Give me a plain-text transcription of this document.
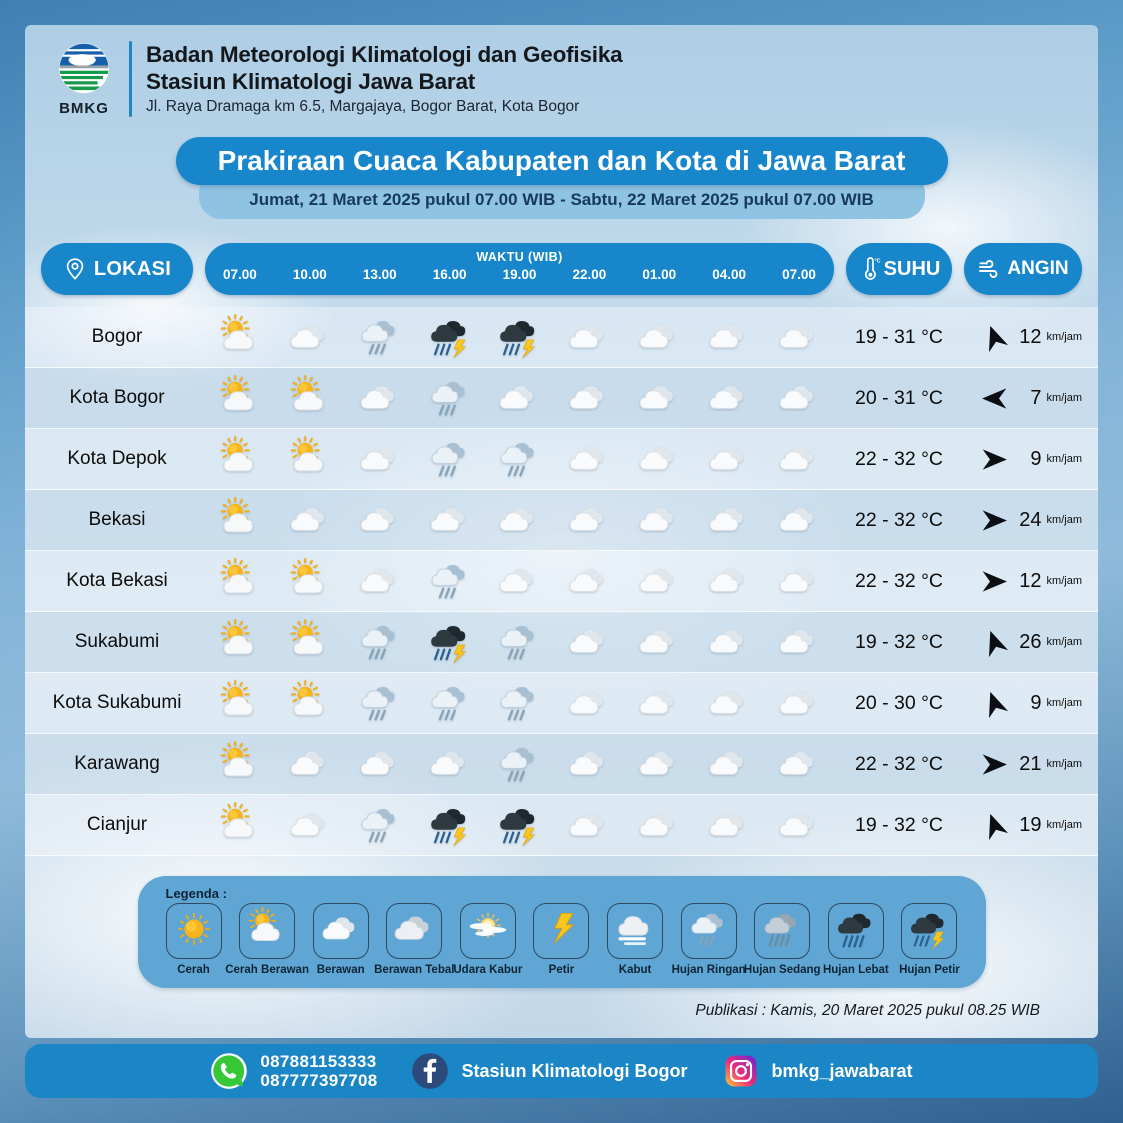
BMKG
Badan Meteorologi Klimatologi dan Geofisika
Stasiun Klimatologi Jawa Barat
Jl. Raya Dramaga km 6.5, Margajaya, Bogor Barat, Kota Bogor
Prakiraan Cuaca Kabupaten dan Kota di Jawa Barat
Jumat, 21 Maret 2025 pukul 07.00 WIB - Sabtu, 22 Maret 2025 pukul 07.00 WIB
LOKASI
WAKTU (WIB)
07.00	10.00	13.00	16.00	19.00	22.00	01.00	04.00	07.00
°C SUHU	ANGIN
Bogor	19 - 31 °C	12 km/jam
Kota Bogor	20 - 31 °C	7 km/jam
Kota Depok	22 - 32 °C	9 km/jam
Bekasi	22 - 32 °C	24 km/jam
Kota Bekasi	22 - 32 °C	12 km/jam
Sukabumi	19 - 32 °C	26 km/jam
Kota Sukabumi	20 - 30 °C	9 km/jam
Karawang	22 - 32 °C	21 km/jam
Cianjur	19 - 32 °C	19 km/jam
Legenda :
Cerah Cerah Berawan Berawan Berawan Tebal
Udara Kabur Petir	Kabut Hujan Ringan
Hujan Sedang Hujan Lebat Hujan Petir
Publikasi : Kamis, 20 Maret 2025 pukul 08.25 WIB
087881153333
087777397708	Stasiun Klimatologi Bogor	bmkg_jawabarat
